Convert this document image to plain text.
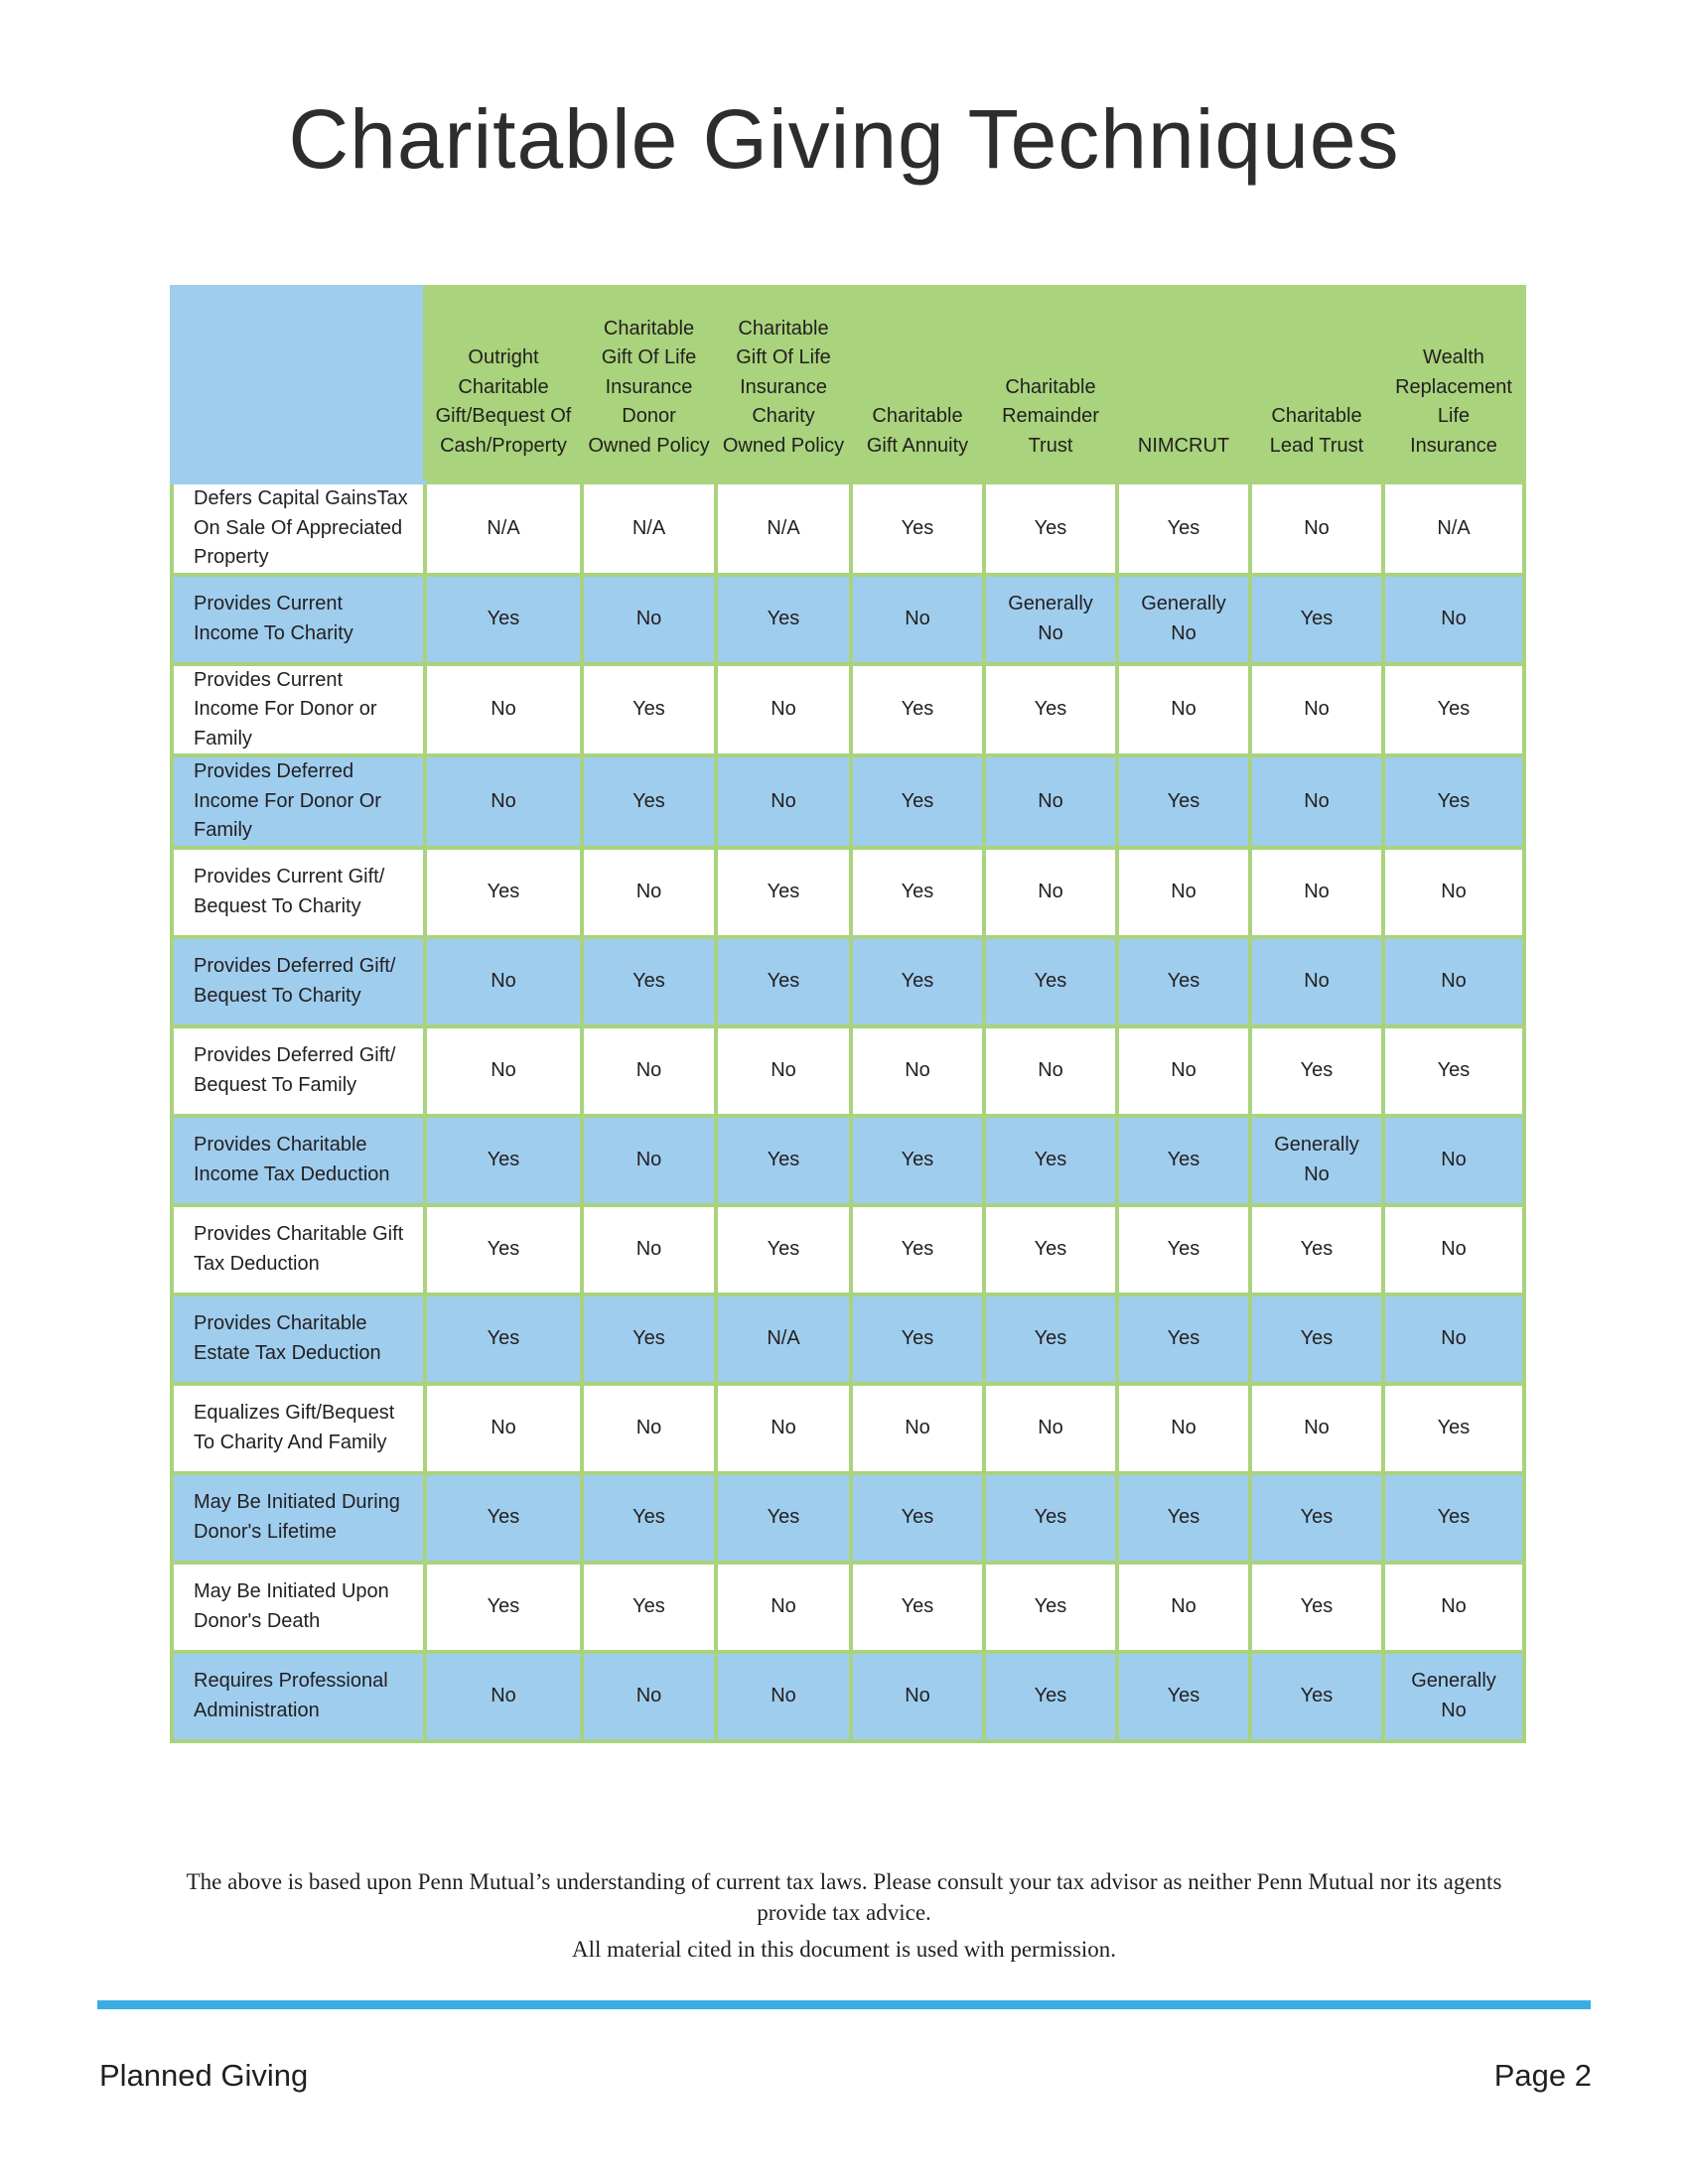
Charitable Giving Techniques
	Outright
Charitable
Gift/Bequest Of
Cash/Property	Charitable
Gift Of Life
Insurance
Donor
Owned Policy	Charitable
Gift Of Life
Insurance
Charity
Owned Policy	Charitable
Gift Annuity	Charitable
Remainder
Trust	NIMCRUT	Charitable
Lead Trust	Wealth
Replacement
Life
Insurance
Defers Capital GainsTax
On Sale Of Appreciated
Property	N/A	N/A	N/A	Yes	Yes	Yes	No	N/A
Provides Current
Income To Charity	Yes	No	Yes	No	Generally
No	Generally
No	Yes	No
Provides Current
Income For Donor or
Family	No	Yes	No	Yes	Yes	No	No	Yes
Provides Deferred
Income For Donor Or
Family	No	Yes	No	Yes	No	Yes	No	Yes
Provides Current Gift/
Bequest To Charity	Yes	No	Yes	Yes	No	No	No	No
Provides Deferred Gift/
Bequest To Charity	No	Yes	Yes	Yes	Yes	Yes	No	No
Provides Deferred Gift/
Bequest To Family	No	No	No	No	No	No	Yes	Yes
Provides Charitable
Income Tax Deduction	Yes	No	Yes	Yes	Yes	Yes	Generally
No	No
Provides Charitable Gift
Tax Deduction	Yes	No	Yes	Yes	Yes	Yes	Yes	No
Provides Charitable
Estate Tax Deduction	Yes	Yes	N/A	Yes	Yes	Yes	Yes	No
Equalizes Gift/Bequest
To Charity And Family	No	No	No	No	No	No	No	Yes
May Be Initiated During
Donor's Lifetime	Yes	Yes	Yes	Yes	Yes	Yes	Yes	Yes
May Be Initiated Upon
Donor's Death	Yes	Yes	No	Yes	Yes	No	Yes	No
Requires Professional
Administration	No	No	No	No	Yes	Yes	Yes	Generally
No

The above is based upon Penn Mutual’s understanding of current tax laws. Please consult your tax advisor as neither Penn Mutual nor its agents provide tax advice.

All material cited in this document is used with permission.

Planned Giving	Page 2
